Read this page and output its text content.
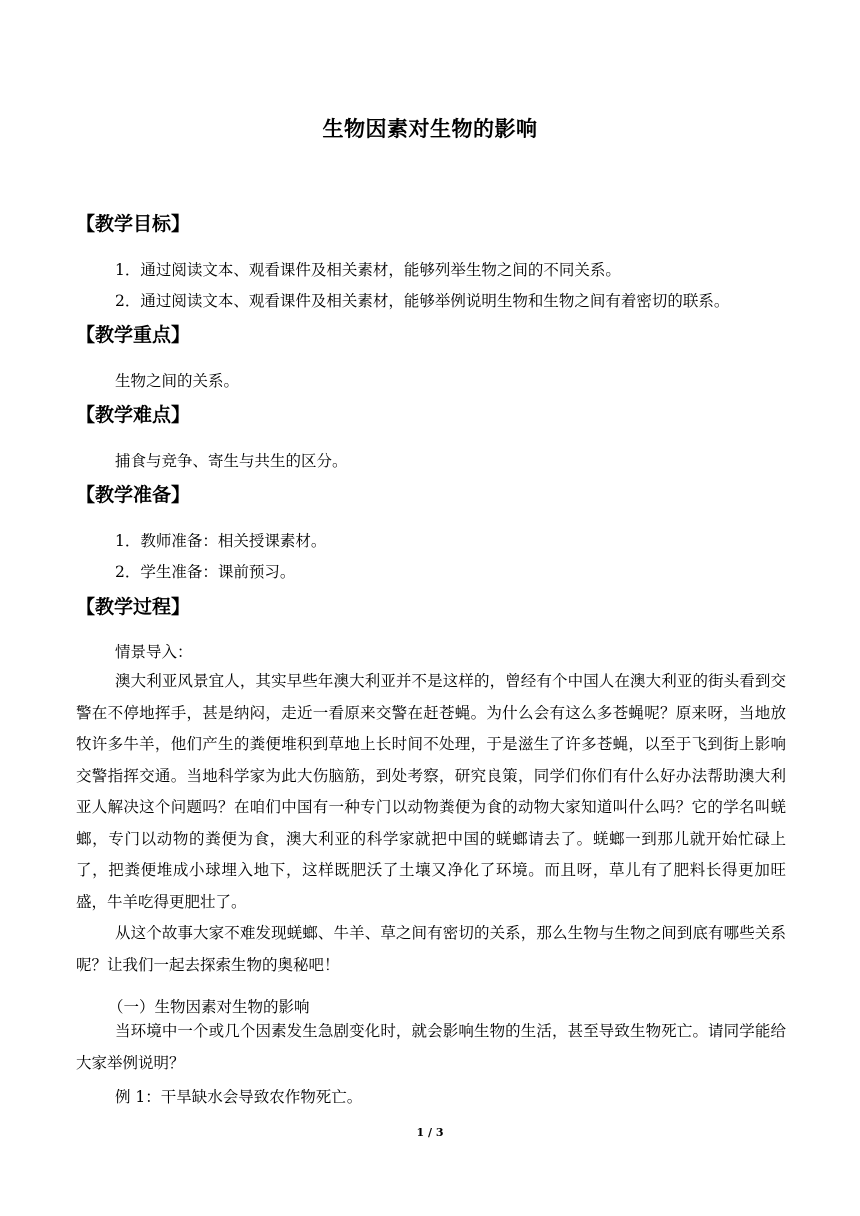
生物因素对生物的影响
【教学目标】

1．通过阅读文本、观看课件及相关素材，能够列举生物之间的不同关系。

2．通过阅读文本、观看课件及相关素材，能够举例说明生物和生物之间有着密切的联系。

【教学重点】

生物之间的关系。

【教学难点】

捕食与竞争、寄生与共生的区分。

【教学准备】

1．教师准备：相关授课素材。

2．学生准备：课前预习。

【教学过程】

情景导入：

澳大利亚风景宜人，其实早些年澳大利亚并不是这样的，曾经有个中国人在澳大利亚的街头看到交警在不停地挥手，甚是纳闷，走近一看原来交警在赶苍蝇。为什么会有这么多苍蝇呢？原来呀，当地放牧许多牛羊，他们产生的粪便堆积到草地上长时间不处理，于是滋生了许多苍蝇，以至于飞到街上影响交警指挥交通。当地科学家为此大伤脑筋，到处考察，研究良策，同学们你们有什么好办法帮助澳大利亚人解决这个问题吗？在咱们中国有一种专门以动物粪便为食的动物大家知道叫什么吗？它的学名叫蜣螂，专门以动物的粪便为食，澳大利亚的科学家就把中国的蜣螂请去了。蜣螂一到那儿就开始忙碌上了，把粪便堆成小球埋入地下，这样既肥沃了土壤又净化了环境。而且呀，草儿有了肥料长得更加旺盛，牛羊吃得更肥壮了。

从这个故事大家不难发现蜣螂、牛羊、草之间有密切的关系，那么生物与生物之间到底有哪些关系呢？让我们一起去探索生物的奥秘吧！

（一）生物因素对生物的影响

当环境中一个或几个因素发生急剧变化时，就会影响生物的生活，甚至导致生物死亡。请同学能给大家举例说明？

例 1：干旱缺水会导致农作物死亡。

1 / 3
